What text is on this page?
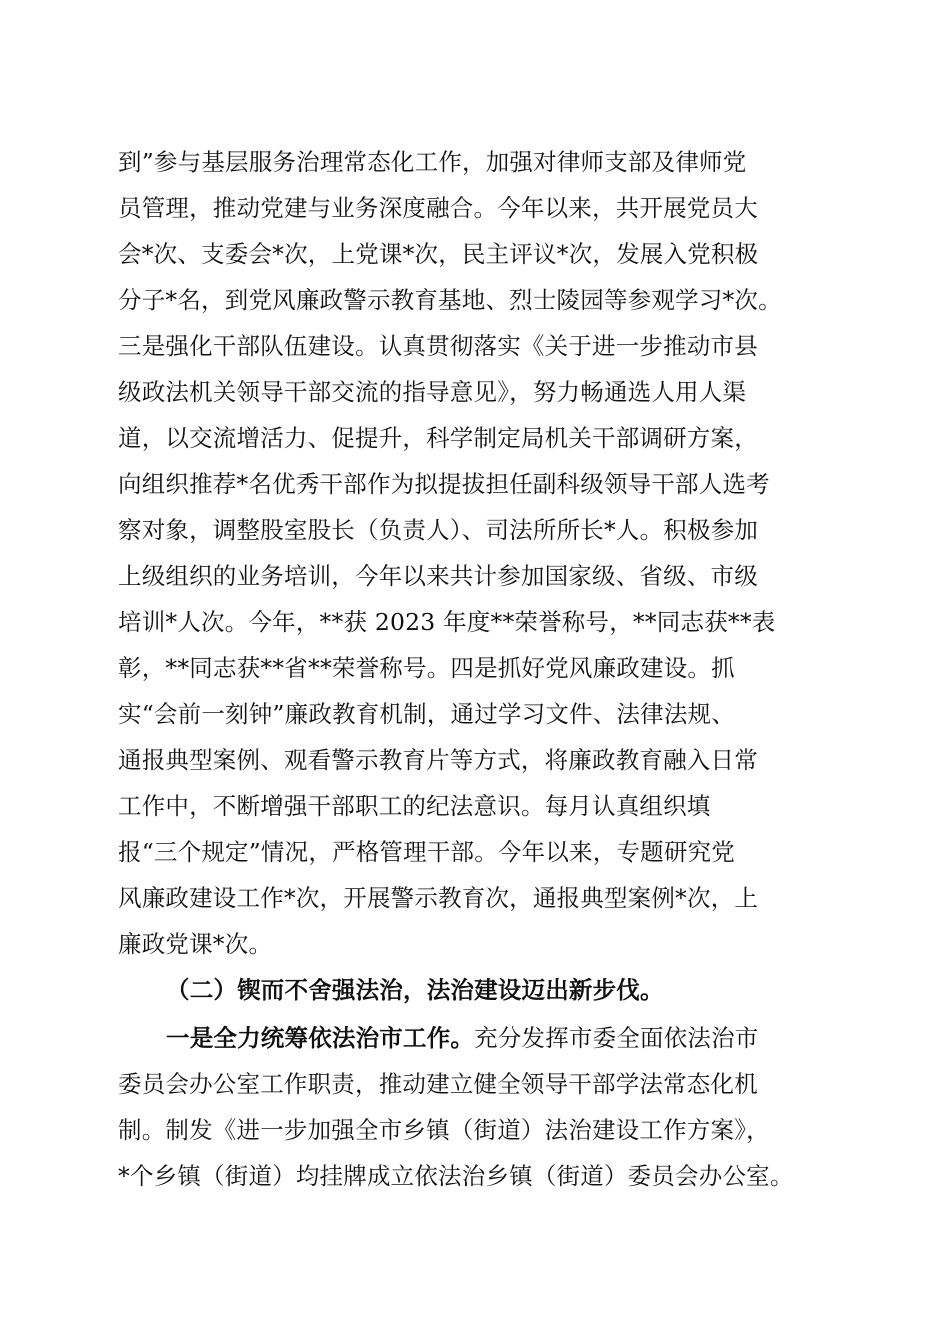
到”参与基层服务治理常态化工作，加强对律师支部及律师党
员管理，推动党建与业务深度融合。今年以来，共开展党员大
会*次、支委会*次，上党课*次，民主评议*次，发展入党积极
分子*名，到党风廉政警示教育基地、烈士陵园等参观学习*次。
三是强化干部队伍建设。认真贯彻落实《关于进一步推动市县
级政法机关领导干部交流的指导意见》，努力畅通选人用人渠
道，以交流增活力、促提升，科学制定局机关干部调研方案，
向组织推荐*名优秀干部作为拟提拔担任副科级领导干部人选考
察对象，调整股室股长（负责人）、司法所所长*人。积极参加
上级组织的业务培训，今年以来共计参加国家级、省级、市级
培训*人次。今年，**获 2023 年度**荣誉称号，**同志获**表
彰，**同志获**省**荣誉称号。四是抓好党风廉政建设。抓
实“会前一刻钟”廉政教育机制，通过学习文件、法律法规、
通报典型案例、观看警示教育片等方式，将廉政教育融入日常
工作中，不断增强干部职工的纪法意识。每月认真组织填
报“三个规定”情况，严格管理干部。今年以来，专题研究党
风廉政建设工作*次，开展警示教育次，通报典型案例*次，上
廉政党课*次。
（二）锲而不舍强法治，法治建设迈出新步伐。
一是全力统筹依法治市工作。充分发挥市委全面依法治市
委员会办公室工作职责，推动建立健全领导干部学法常态化机
制。制发《进一步加强全市乡镇（街道）法治建设工作方案》，
*个乡镇（街道）均挂牌成立依法治乡镇（街道）委员会办公室。
